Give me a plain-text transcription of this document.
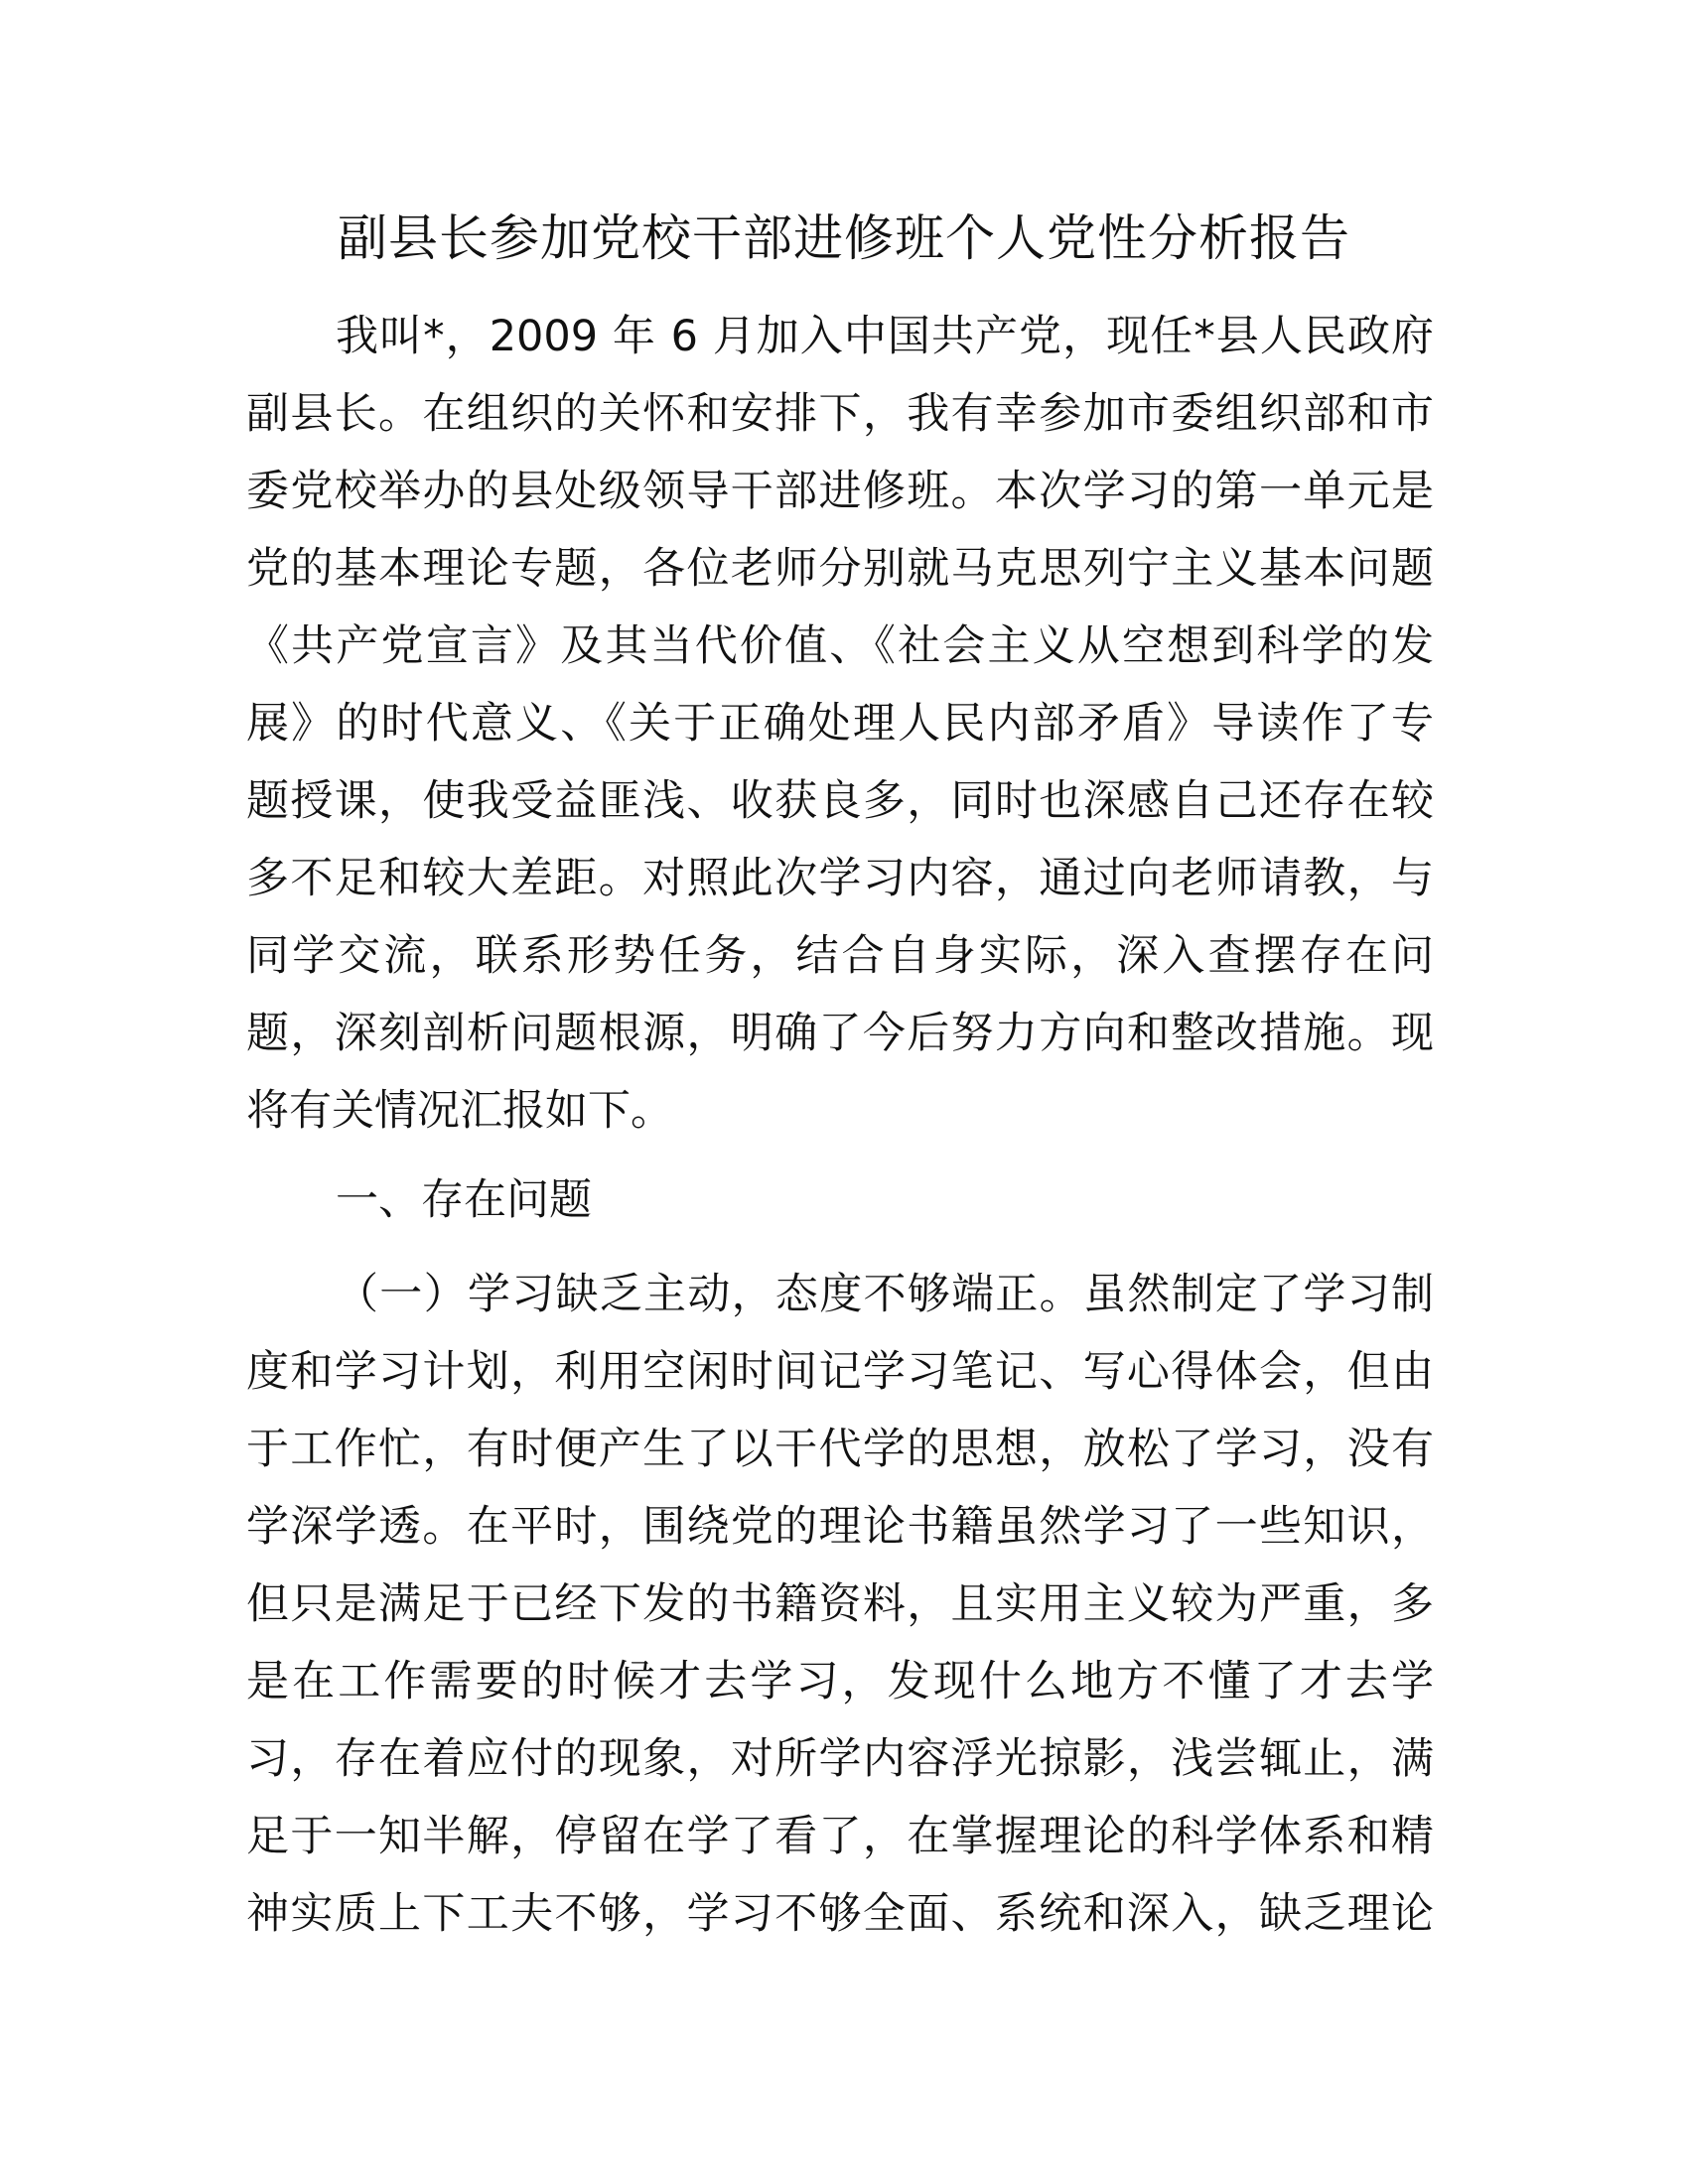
副县长参加党校干部进修班个人党性分析报告
我叫*，2009 年 6 月加入中国共产党，现任*县人民政府
副县长。在组织的关怀和安排下，我有幸参加市委组织部和市
委党校举办的县处级领导干部进修班。本次学习的第一单元是
党的基本理论专题，各位老师分别就马克思列宁主义基本问题
《共产党宣言》及其当代价值、《社会主义从空想到科学的发
展》的时代意义、《关于正确处理人民内部矛盾》导读作了专
题授课，使我受益匪浅、收获良多，同时也深感自己还存在较
多不足和较大差距。对照此次学习内容，通过向老师请教，与
同学交流，联系形势任务，结合自身实际，深入查摆存在问
题，深刻剖析问题根源，明确了今后努力方向和整改措施。现
将有关情况汇报如下。
一、存在问题
（一）学习缺乏主动，态度不够端正。虽然制定了学习制
度和学习计划，利用空闲时间记学习笔记、写心得体会，但由
于工作忙，有时便产生了以干代学的思想，放松了学习，没有
学深学透。在平时，围绕党的理论书籍虽然学习了一些知识，
但只是满足于已经下发的书籍资料，且实用主义较为严重，多
是在工作需要的时候才去学习，发现什么地方不懂了才去学
习，存在着应付的现象，对所学内容浮光掠影，浅尝辄止，满
足于一知半解，停留在学了看了，在掌握理论的科学体系和精
神实质上下工夫不够，学习不够全面、系统和深入，缺乏理论
